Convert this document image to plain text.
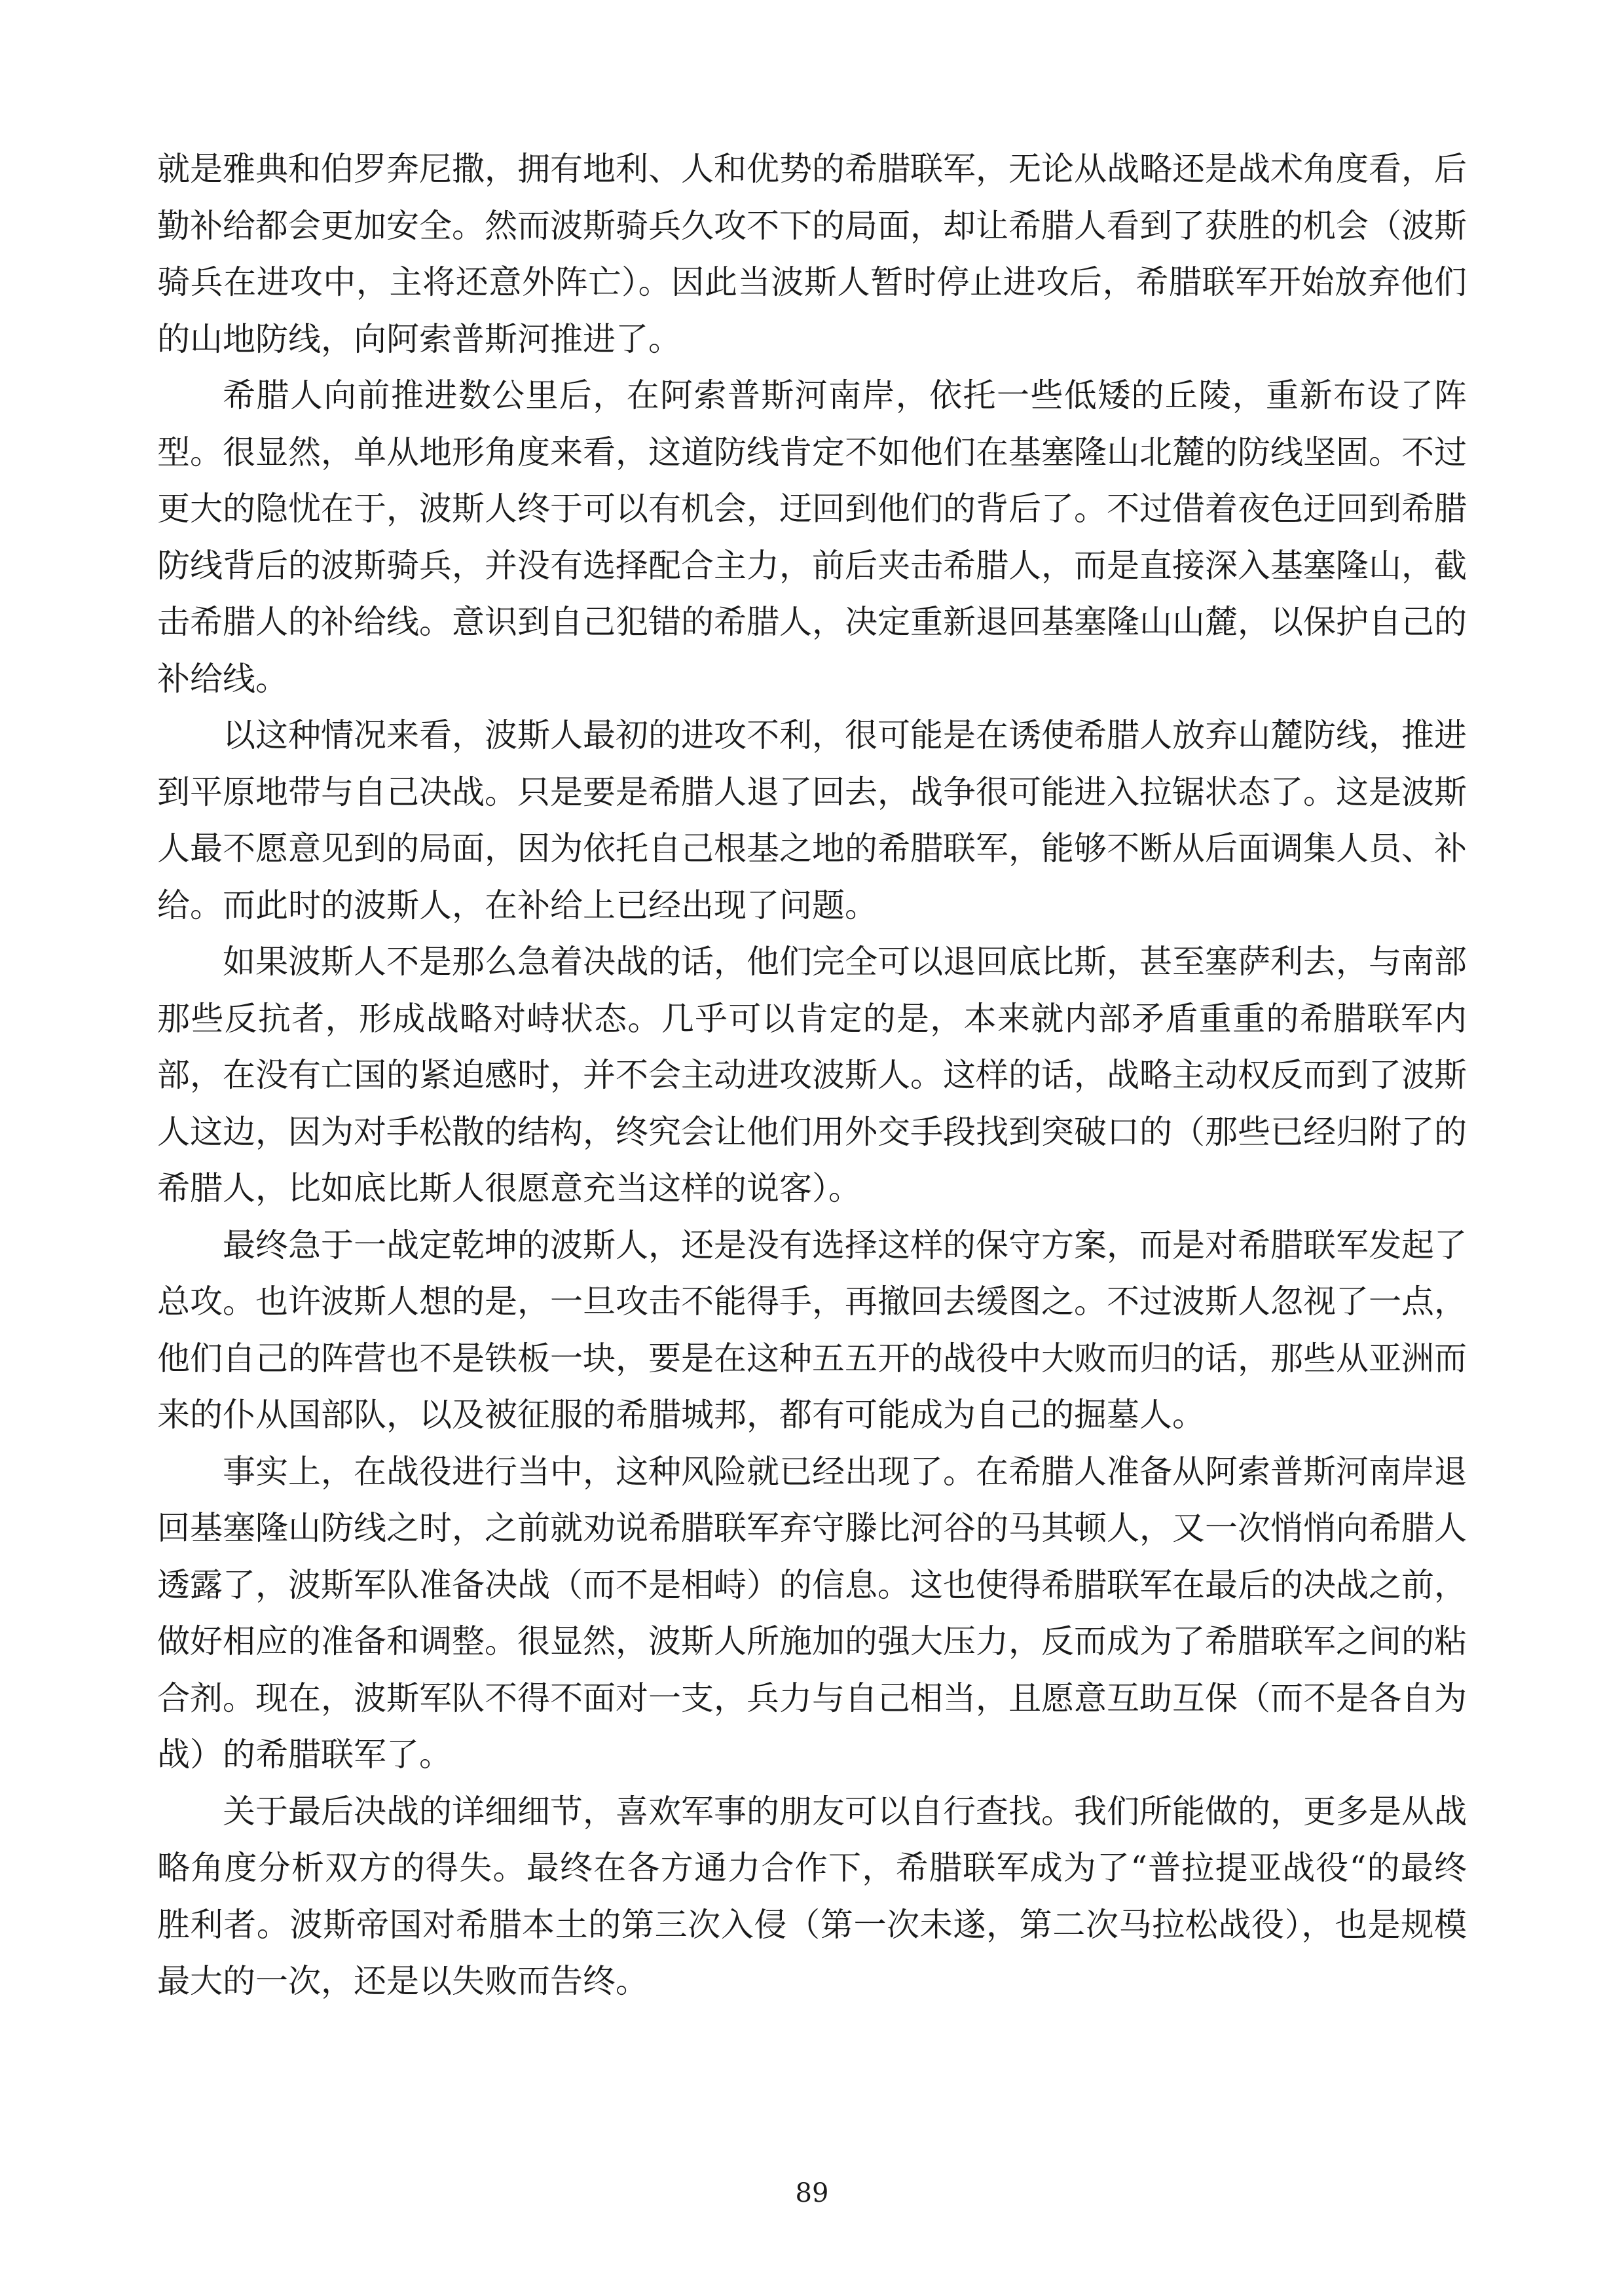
就是雅典和伯罗奔尼撒，拥有地利、人和优势的希腊联军，无论从战略还是战术角度看，后勤补给都会更加安全。然而波斯骑兵久攻不下的局面，却让希腊人看到了获胜的机会（波斯骑兵在进攻中，主将还意外阵亡）。因此当波斯人暂时停止进攻后，希腊联军开始放弃他们的山地防线，向阿索普斯河推进了。

希腊人向前推进数公里后，在阿索普斯河南岸，依托一些低矮的丘陵，重新布设了阵型。很显然，单从地形角度来看，这道防线肯定不如他们在基塞隆山北麓的防线坚固。不过更大的隐忧在于，波斯人终于可以有机会，迂回到他们的背后了。不过借着夜色迂回到希腊防线背后的波斯骑兵，并没有选择配合主力，前后夹击希腊人，而是直接深入基塞隆山，截击希腊人的补给线。意识到自己犯错的希腊人，决定重新退回基塞隆山山麓，以保护自己的补给线。

以这种情况来看，波斯人最初的进攻不利，很可能是在诱使希腊人放弃山麓防线，推进到平原地带与自己决战。只是要是希腊人退了回去，战争很可能进入拉锯状态了。这是波斯人最不愿意见到的局面，因为依托自己根基之地的希腊联军，能够不断从后面调集人员、补给。而此时的波斯人，在补给上已经出现了问题。

如果波斯人不是那么急着决战的话，他们完全可以退回底比斯，甚至塞萨利去，与南部那些反抗者，形成战略对峙状态。几乎可以肯定的是，本来就内部矛盾重重的希腊联军内部，在没有亡国的紧迫感时，并不会主动进攻波斯人。这样的话，战略主动权反而到了波斯人这边，因为对手松散的结构，终究会让他们用外交手段找到突破口的（那些已经归附了的希腊人，比如底比斯人很愿意充当这样的说客）。

最终急于一战定乾坤的波斯人，还是没有选择这样的保守方案，而是对希腊联军发起了总攻。也许波斯人想的是，一旦攻击不能得手，再撤回去缓图之。不过波斯人忽视了一点，他们自己的阵营也不是铁板一块，要是在这种五五开的战役中大败而归的话，那些从亚洲而来的仆从国部队，以及被征服的希腊城邦，都有可能成为自己的掘墓人。

事实上，在战役进行当中，这种风险就已经出现了。在希腊人准备从阿索普斯河南岸退回基塞隆山防线之时，之前就劝说希腊联军弃守滕比河谷的马其顿人，又一次悄悄向希腊人透露了，波斯军队准备决战（而不是相峙）的信息。这也使得希腊联军在最后的决战之前，做好相应的准备和调整。很显然，波斯人所施加的强大压力，反而成为了希腊联军之间的粘合剂。现在，波斯军队不得不面对一支，兵力与自己相当，且愿意互助互保（而不是各自为战）的希腊联军了。

关于最后决战的详细细节，喜欢军事的朋友可以自行查找。我们所能做的，更多是从战略角度分析双方的得失。最终在各方通力合作下，希腊联军成为了“普拉提亚战役“的最终胜利者。波斯帝国对希腊本土的第三次入侵（第一次未遂，第二次马拉松战役），也是规模最大的一次，还是以失败而告终。

89
